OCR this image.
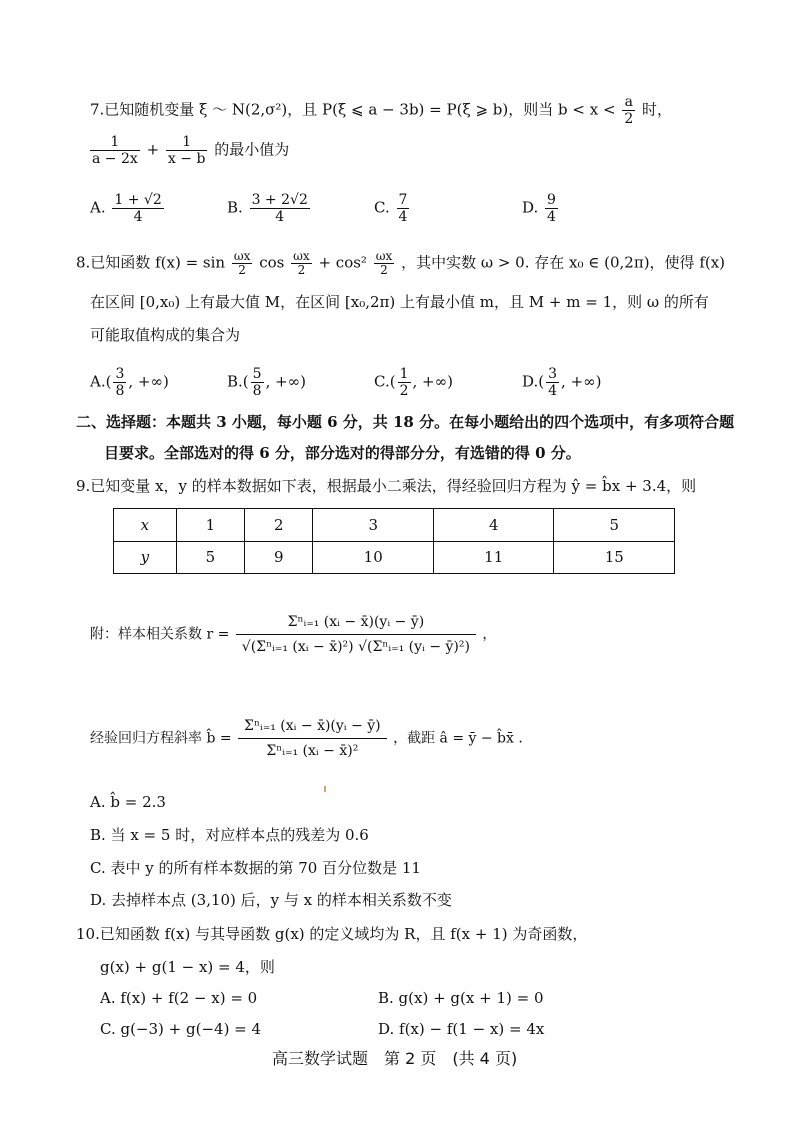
7.已知随机变量 ξ ～ N(2,σ²)，且 P(ξ ⩽ a − 3b) = P(ξ ⩾ b)，则当 $b < x < \frac{a}{2}$ 时，
$\frac{1}{a - 2x} + \frac{1}{x - b}$ 的最小值为
A. $\frac{1 + √2}{4}$	B. $\frac{3 + 2√2}{4}$	C. $\frac{7}{4}$	D. $\frac{9}{4}$
8.已知函数 $f(x) = \sin \frac{\omega x}{2}$ $\cos \frac{\omega x}{2} + \cos^2 \frac{\omega x}{2}$ ，其中实数 ω > 0. 存在 x₀ ∈ (0,2π)，使得 f(x)
在区间 [0,x₀) 上有最大值 M，在区间 [x₀,2π) 上有最小值 m，且 M + m = 1，则 ω 的所有
可能取值构成的集合为
$A.( \frac{3}{8}$ , +∞)	$B.( \frac{5}{8}$ , +∞)	$C.( \frac{1}{2}$ , +∞)	$D.( \frac{3}{4}$ , +∞)
二、选择题：本题共 3 小题，每小题 6 分，共 18 分。在每小题给出的四个选项中，有多项符合题
目要求。全部选对的得 6 分，部分选对的得部分分，有选错的得 0 分。
9.已知变量 x，y 的样本数据如下表，根据最小二乘法，得经验回归方程为 ŷ = b̂x + 3.4，则
x	1	2	3	4	5
y	5	9	10	11	15
附：样本相关系数 $r = \frac{\text{Σⁿᵢ₌₁ (xᵢ − x̄)(yᵢ − ȳ)}}{\text{√(Σⁿᵢ₌₁ (xᵢ − x̄)²) √(Σⁿᵢ₌₁ (yᵢ − ȳ)²)}}$ ，
经验回归方程斜率 b̂ = $\frac{\text{Σⁿᵢ₌₁ (xᵢ − x̄)(yᵢ − ȳ)}}{\text{Σⁿᵢ₌₁ (xᵢ − x̄)²}}$ ，截距 â = ȳ − b̂x̄ .
A. b̂ = 2.3
B. 当 x = 5 时，对应样本点的残差为 0.6
C. 表中 y 的所有样本数据的第 70 百分位数是 11
D. 去掉样本点 (3,10) 后，y 与 x 的样本相关系数不变
10.已知函数 f(x) 与其导函数 g(x) 的定义域均为 R，且 f(x + 1) 为奇函数，
g(x) + g(1 − x) = 4，则
A. f(x) + f(2 − x) = 0	B. g(x) + g(x + 1) = 0
C. g(−3) + g(−4) = 4	D. f(x) − f(1 − x) = 4x
高三数学试题　第 2 页　(共 4 页)
